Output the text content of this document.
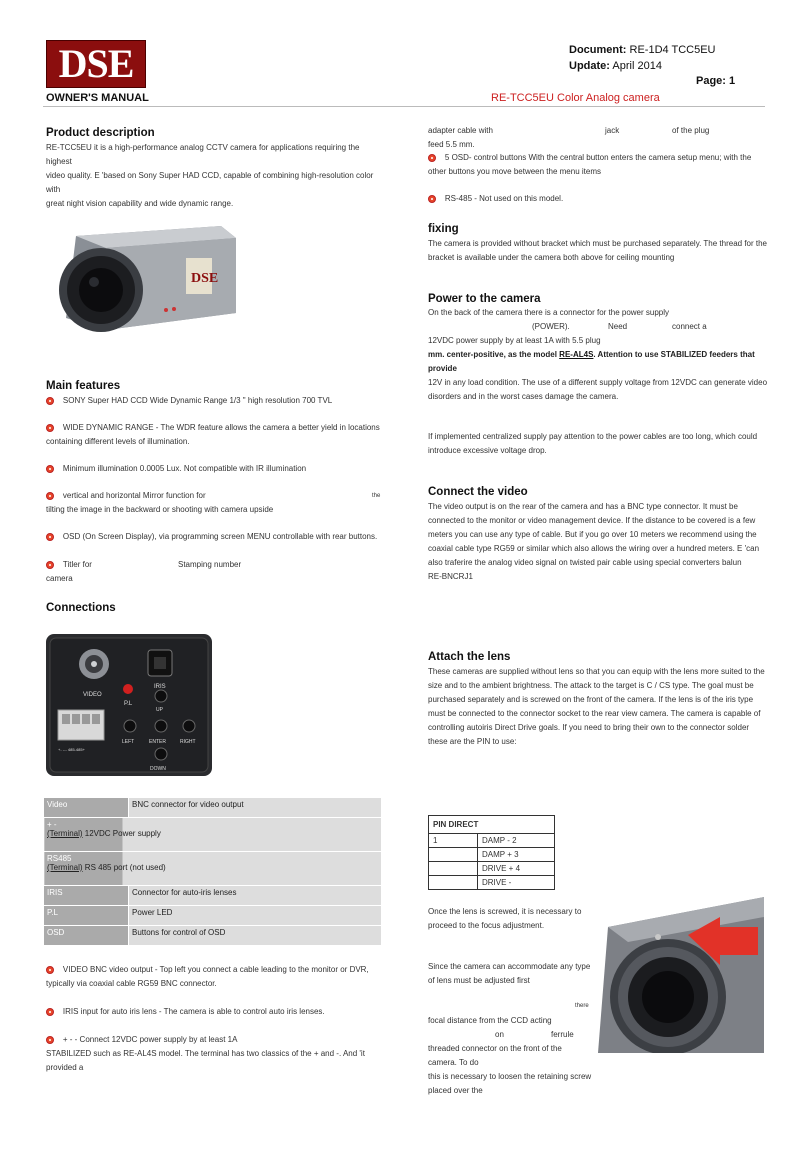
DSE
OWNER'S MANUAL
Document: RE-1D4 TCC5EU
Update: April 2014
Page: 1
RE-TCC5EU Color Analog camera
Product description
RE-TCC5EU it is a high-performance analog CCTV camera for applications requiring the highest
video quality. E 'based on Sony Super HAD CCD, capable of combining high-resolution color with
great night vision capability and wide dynamic range.
DSE
Main features
SONY Super HAD CCD Wide Dynamic Range 1/3 " high resolution 700 TVL
WIDE DYNAMIC RANGE - The WDR feature allows the camera a better yield in locations
containing different levels of illumination.
Minimum illumination 0.0005 Lux. Not compatible with IR illumination
vertical and horizontal Mirror function for	the
tilting the image in the backward or shooting with camera upside
OSD (On Screen Display), via programming screen MENU controllable with rear buttons.
Titler for	Stamping number
camera
Connections
VIDEO
IRIS
P.L
UP
LEFT	ENTER	RIGHT
DOWN
+- --- 485-485+
Video	BNC connector for video output

+ -
(Terminal) 12VDC Power supply	

RS485
(Terminal) RS 485 port (not used)	

IRIS	Connector for auto-iris lenses
P.L	Power LED
OSD	Buttons for control of OSD
VIDEO BNC video output - Top left you connect a cable leading to the monitor or DVR,
typically via coaxial cable RG59 BNC connector.
IRIS input for auto iris lens - The camera is able to control auto iris lenses.
+ - - Connect 12VDC power supply by at least 1A
STABILIZED such as RE-AL4S model. The terminal has two classics of the + and -. And 'it
provided a
adapter cable with	jack	of the plug
feed 5.5 mm.
5 OSD- control buttons With the central button enters the camera setup menu; with the
other buttons you move between the menu items
RS-485 - Not used on this model.
fixing
The camera is provided without bracket which must be purchased separately. The thread for the
bracket is available under the camera both above for ceiling mounting
Power to the camera
On the back of the camera there is a connector for the power supply
(POWER).	Need	connect a
12VDC power supply by at least 1A with 5.5 plug
mm. center-positive, as the model RE-AL4S. Attention to use STABILIZED feeders that provide
12V in any load condition. The use of a different supply voltage from 12VDC can generate video
disorders and in the worst cases damage the camera.
If implemented centralized supply pay attention to the power cables are too long, which could
introduce excessive voltage drop.
Connect the video
The video output is on the rear of the camera and has a BNC type connector. It must be
connected to the monitor or video management device. If the distance to be covered is a few
meters you can use any type of cable. But if you go over 10 meters we recommend using the
coaxial cable type RG59 or similar which also allows the wiring over a hundred meters. E 'can
also traferire the analog video signal on twisted pair cable using special converters balun
RE-BNCRJ1
Attach the lens
These cameras are supplied without lens so that you can equip with the lens more suited to the
size and to the ambient brightness. The attack to the target is C / CS type. The goal must be
purchased separately and is screwed on the front of the camera. If the lens is of the iris type
must be connected to the connector socket to the rear view camera. The camera is capable of
controlling autoiris Direct Drive goals. If you need to bring their own to the connector solder
these are the PIN to use:
PIN DIRECT	
1	DAMP - 2
	DAMP + 3
	DRIVE + 4
	DRIVE -
Once the lens is screwed, it is necessary to
proceed to the focus adjustment.
Since the camera can accommodate any type
of lens must be adjusted first
there
focal distance from the CCD acting
on	ferrule
threaded connector on the front of the
camera. To do
this is necessary to loosen the retaining screw placed over the
